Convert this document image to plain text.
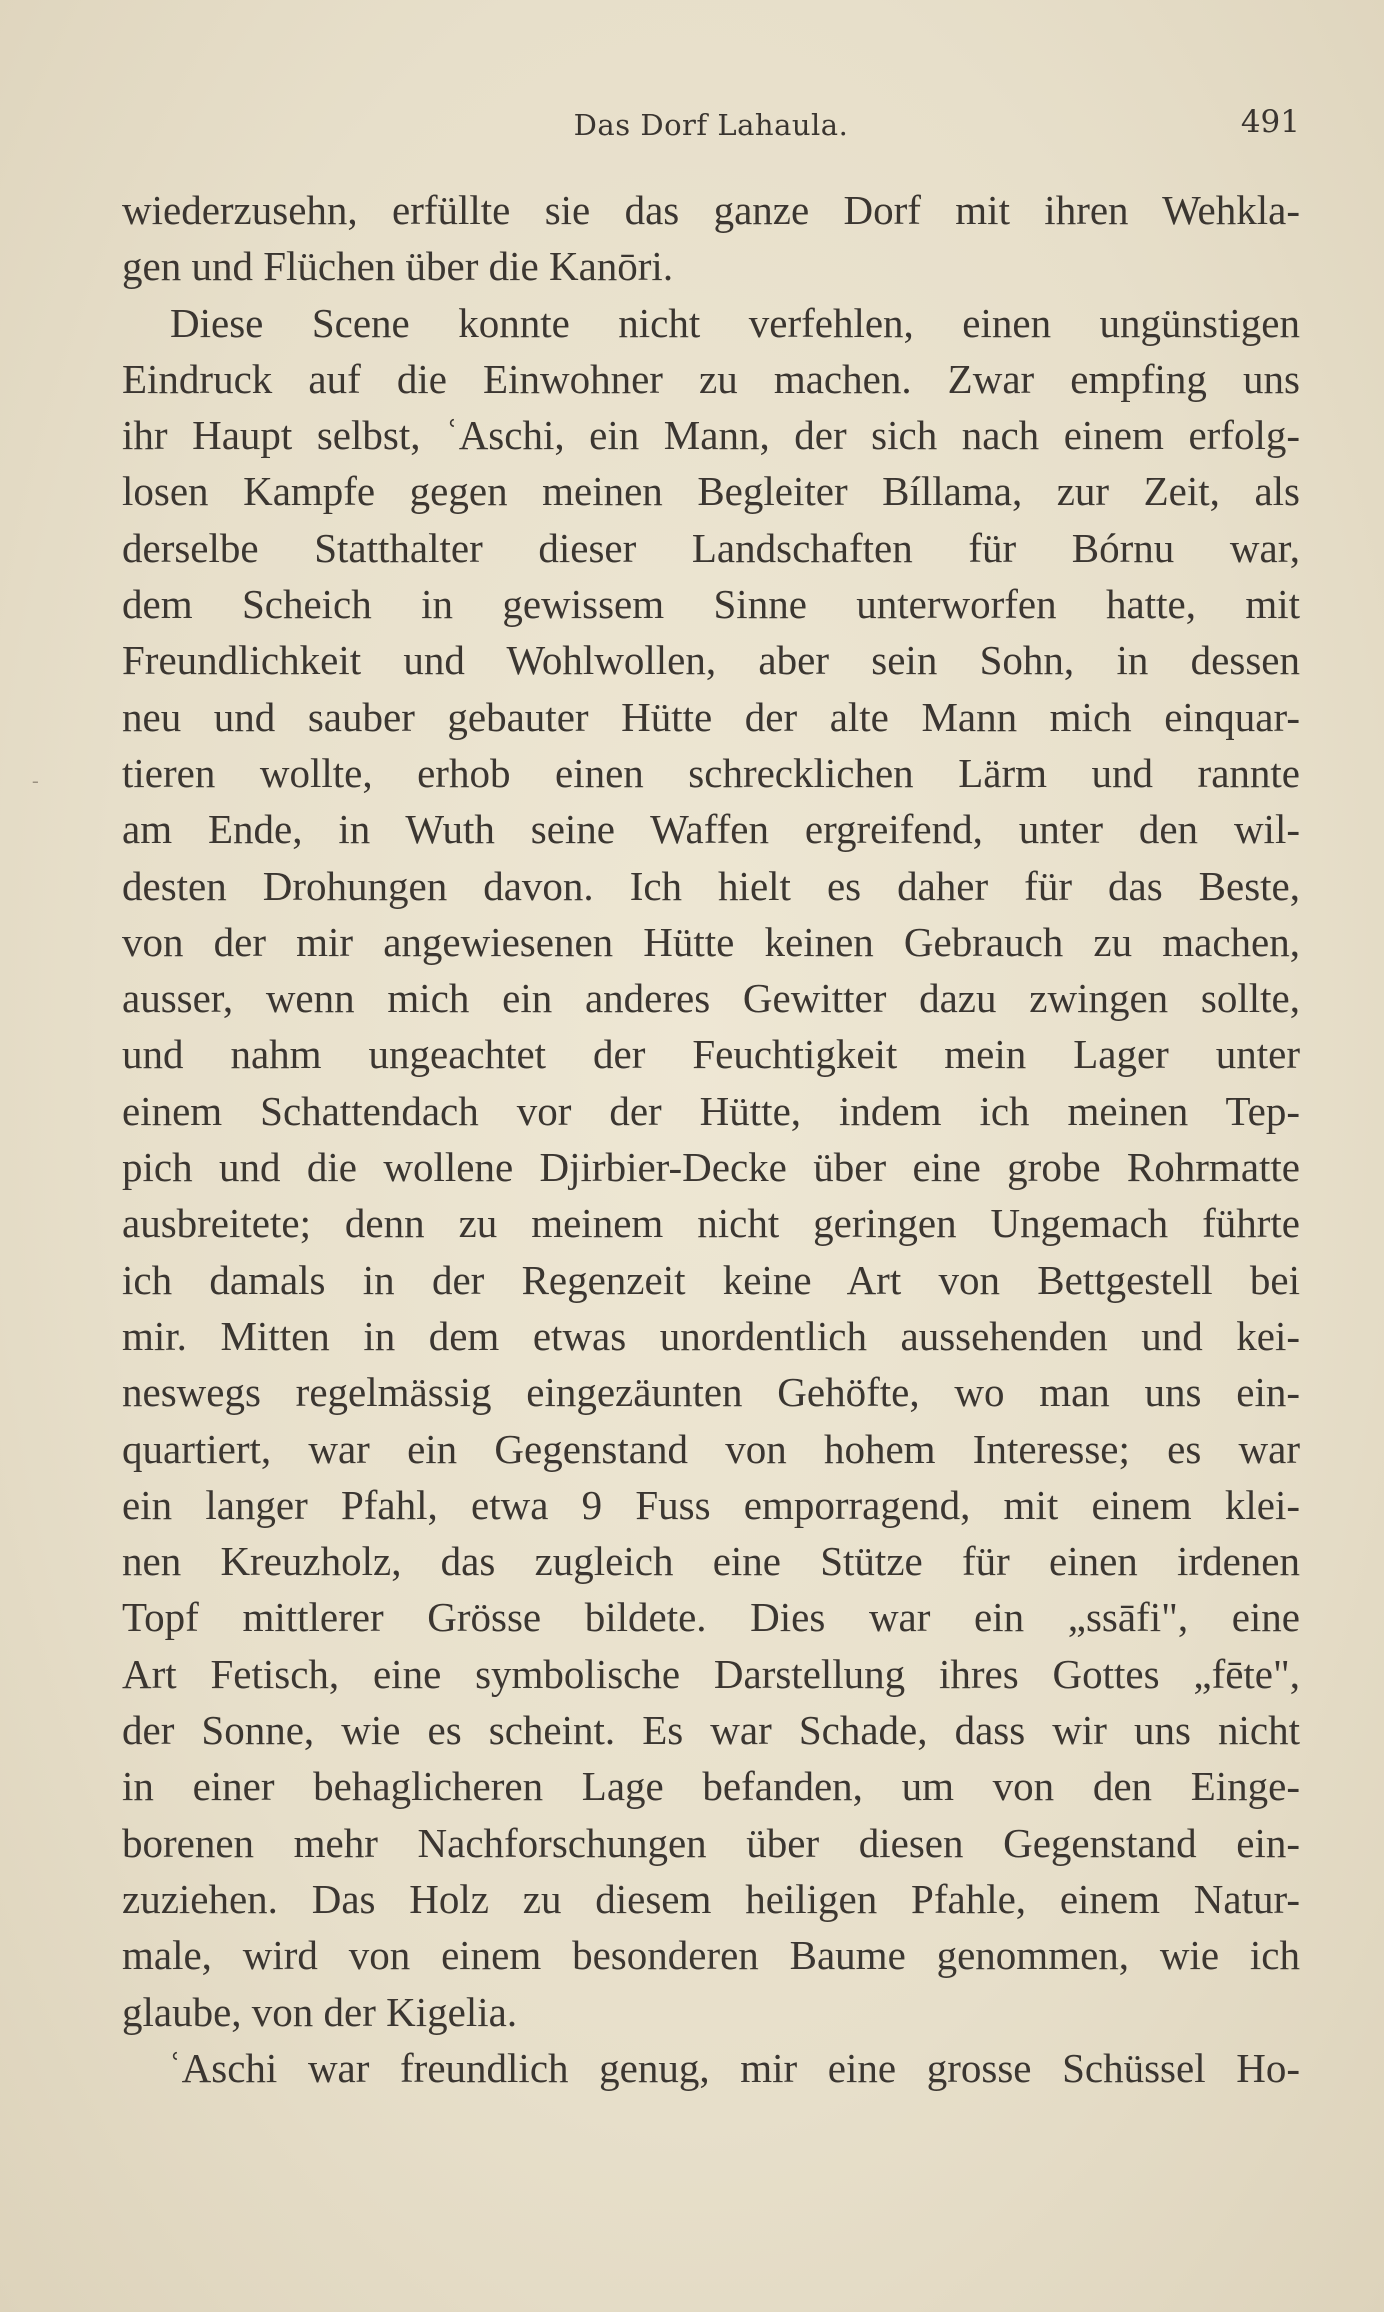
Das Dorf Lahaula.	491
-
wiederzusehn, erfüllte sie das ganze Dorf mit ihren Wehkla-
gen und Flüchen über die Kanōri.
Diese Scene konnte nicht verfehlen, einen ungünstigen
Eindruck auf die Einwohner zu machen. Zwar empfing uns
ihr Haupt selbst, ʿAschi, ein Mann, der sich nach einem erfolg-
losen Kampfe gegen meinen Begleiter Bíllama, zur Zeit, als
derselbe Statthalter dieser Landschaften für Bórnu war,
dem Scheich in gewissem Sinne unterworfen hatte, mit
Freundlichkeit und Wohlwollen, aber sein Sohn, in dessen
neu und sauber gebauter Hütte der alte Mann mich einquar-
tieren wollte, erhob einen schrecklichen Lärm und rannte
am Ende, in Wuth seine Waffen ergreifend, unter den wil-
desten Drohungen davon. Ich hielt es daher für das Beste,
von der mir angewiesenen Hütte keinen Gebrauch zu machen,
ausser, wenn mich ein anderes Gewitter dazu zwingen sollte,
und nahm ungeachtet der Feuchtigkeit mein Lager unter
einem Schattendach vor der Hütte, indem ich meinen Tep-
pich und die wollene Djirbier-Decke über eine grobe Rohrmatte
ausbreitete; denn zu meinem nicht geringen Ungemach führte
ich damals in der Regenzeit keine Art von Bettgestell bei
mir. Mitten in dem etwas unordentlich aussehenden und kei-
neswegs regelmässig eingezäunten Gehöfte, wo man uns ein-
quartiert, war ein Gegenstand von hohem Interesse; es war
ein langer Pfahl, etwa 9 Fuss emporragend, mit einem klei-
nen Kreuzholz, das zugleich eine Stütze für einen irdenen
Topf mittlerer Grösse bildete. Dies war ein „ssāfi", eine
Art Fetisch, eine symbolische Darstellung ihres Gottes „fēte",
der Sonne, wie es scheint. Es war Schade, dass wir uns nicht
in einer behaglicheren Lage befanden, um von den Einge-
borenen mehr Nachforschungen über diesen Gegenstand ein-
zuziehen. Das Holz zu diesem heiligen Pfahle, einem Natur-
male, wird von einem besonderen Baume genommen, wie ich
glaube, von der Kigelia.
ʿAschi war freundlich genug, mir eine grosse Schüssel Ho-
